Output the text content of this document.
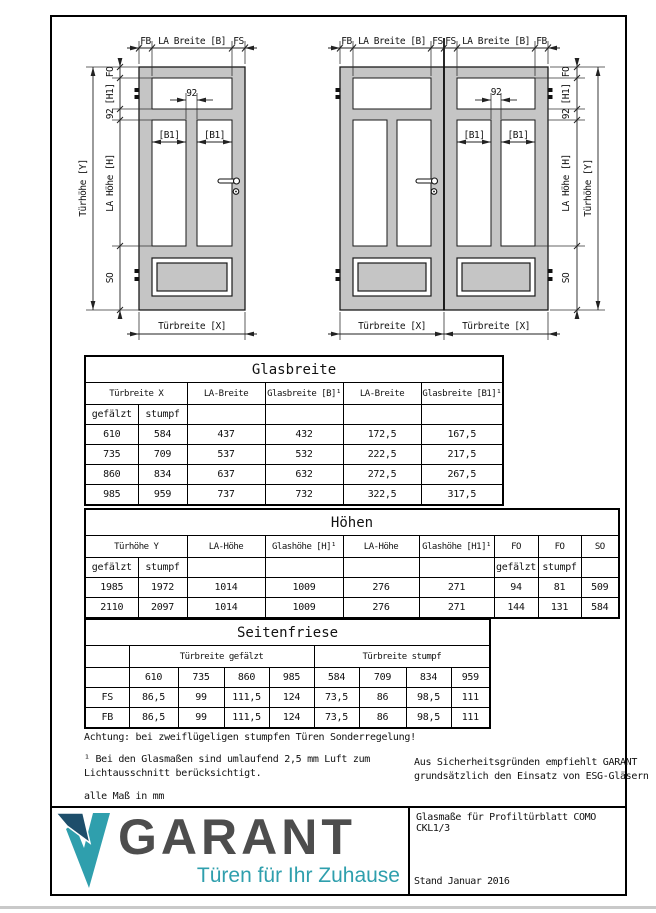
FB LA Breite [B] FS
Türhöhe [Y]
FO
[H1]
92
LA Höhe [H]
SO
92
[B1]	[B1]
Türbreite [X]
FB LA Breite [B] FS FS LA Breite [B] FB
FO
[H1]
92
LA Höhe [H]
SO
Türhöhe [Y]
92
[B1] [B1]
Türbreite [X]	Türbreite [X]
Glasbreite					
Türbreite X		LA-Breite	Glasbreite [B]¹	LA-Breite	Glasbreite [B1]¹
gefälzt	stumpf				
610	584	437	432	172,5	167,5
735	709	537	532	222,5	217,5
860	834	637	632	272,5	267,5
985	959	737	732	322,5	317,5
Höhen								
Türhöhe Y		LA-Höhe	Glashöhe [H]¹	LA-Höhe	Glashöhe [H1]¹	FO	FO	SO
gefälzt	stumpf					gefälzt	stumpf	
1985	1972	1014	1009	276	271	94	81	509
2110	2097	1014	1009	276	271	144	131	584
Seitenfriese								
	Türbreite gefälzt				Türbreite stumpf			
	610	735	860	985	584	709	834	959
FS	86,5	99	111,5	124	73,5	86	98,5	111
FB	86,5	99	111,5	124	73,5	86	98,5	111
Achtung: bei zweiflügeligen stumpfen Türen Sonderregelung!
¹ Bei den Glasmaßen sind umlaufend 2,5 mm Luft zum
Lichtausschnitt berücksichtigt.
Aus Sicherheitsgründen empfiehlt GARANT
grundsätzlich den Einsatz von ESG-Gläsern
alle Maß in mm
GARANT
Türen für Ihr Zuhause
Glasmaße für Profiltürblatt COMO CKL1/3
Stand Januar 2016
